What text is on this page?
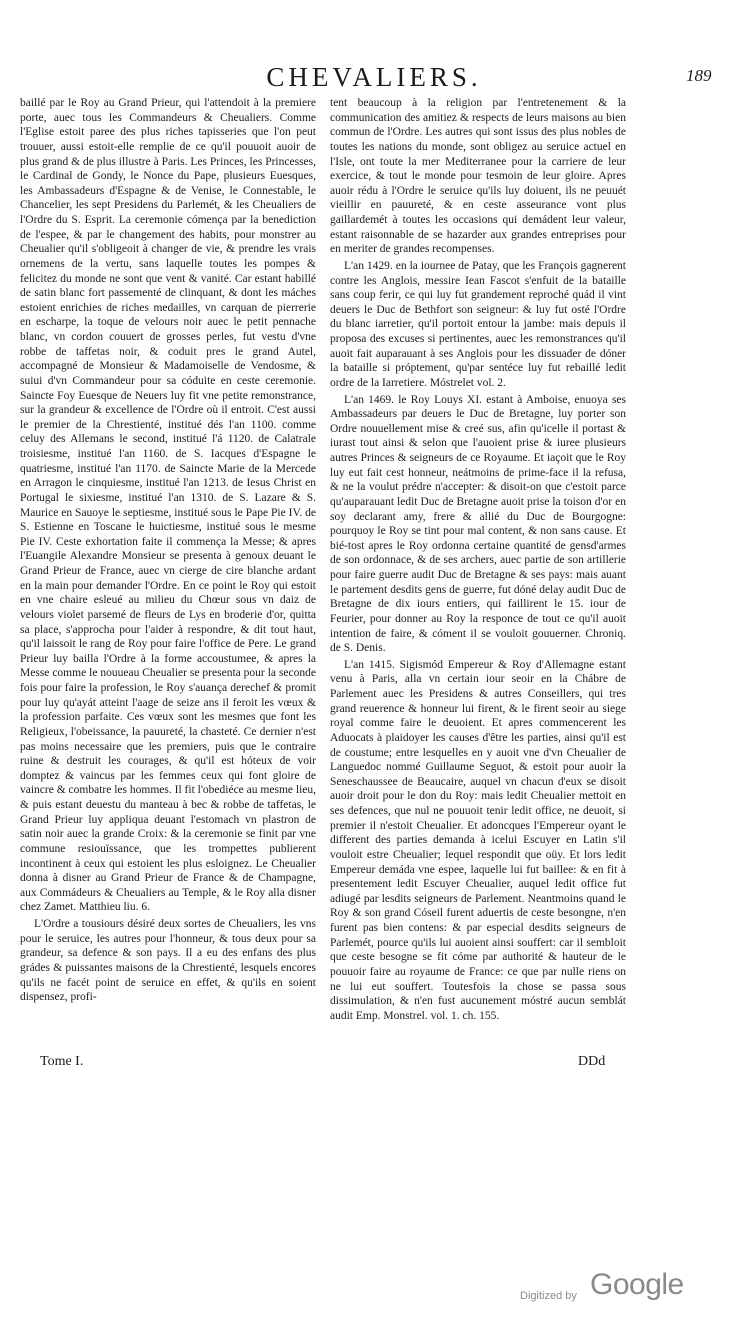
CHEVALIERS.	189

baillé par le Roy au Grand Prieur, qui l'attendoit à la premiere porte, auec tous les Commandeurs & Cheualiers. Comme l'Eglise estoit paree des plus riches tapisseries que l'on peut trouuer, aussi estoit-elle remplie de ce qu'il pouuoit auoir de plus grand & de plus illustre à Paris. Les Princes, les Princesses, le Cardinal de Gondy, le Nonce du Pape, plusieurs Euesques, les Ambassadeurs d'Espagne & de Venise, le Connestable, le Chancelier, les sept Presidens du Parlemét, & les Cheualiers de l'Ordre du S. Esprit. La ceremonie cómença par la benediction de l'espee, & par le changement des habits, pour monstrer au Cheualier qu'il s'obligeoit à changer de vie, & prendre les vrais ornemens de la vertu, sans laquelle toutes les pompes & felicitez du monde ne sont que vent & vanité. Car estant habillé de satin blanc fort passementé de clinquant, & dont les máches estoient enrichies de riches medailles, vn carquan de pierrerie en escharpe, la toque de velours noir auec le petit pennache blanc, vn cordon couuert de grosses perles, fut vestu d'vne robbe de taffetas noir, & coduit pres le grand Autel, accompagné de Monsieur & Madamoiselle de Vendosme, & suiui d'vn Commandeur pour sa códuite en ceste ceremonie. Saincte Foy Euesque de Neuers luy fit vne petite remonstrance, sur la grandeur & excellence de l'Ordre où il entroit. C'est aussi le premier de la Chrestienté, institué dés l'an 1100. comme celuy des Allemans le second, institué l'á 1120. de Calatrale troisiesme, institué l'an 1160. de S. Iacques d'Espagne le quatriesme, institué l'an 1170. de Saincte Marie de la Mercede en Arragon le cinquiesme, institué l'an 1213. de Iesus Christ en Portugal le sixiesme, institué l'an 1310. de S. Lazare & S. Maurice en Sauoye le septiesme, institué sous le Pape Pie IV. de S. Estienne en Toscane le huictiesme, institué sous le mesme Pie IV. Ceste exhortation faite il commença la Messe; & apres l'Euangile Alexandre Monsieur se presenta à genoux deuant le Grand Prieur de France, auec vn cierge de cire blanche ardant en la main pour demander l'Ordre. En ce point le Roy qui estoit en vne chaire esleué au milieu du Chœur sous vn daiz de velours violet parsemé de fleurs de Lys en broderie d'or, quitta sa place, s'approcha pour l'aider à respondre, & dit tout haut, qu'il laissoit le rang de Roy pour faire l'office de Pere. Le grand Prieur luy bailla l'Ordre à la forme accoustumee, & apres la Messe comme le nouueau Cheualier se presenta pour la seconde fois pour faire la profession, le Roy s'auança derechef & promit pour luy qu'ayát atteint l'aage de seize ans il feroit les vœux & la profession parfaite. Ces vœux sont les mesmes que font les Religieux, l'obeissance, la pauureté, la chasteté. Ce dernier n'est pas moins necessaire que les premiers, puis que le contraire ruine & destruit les courages, & qu'il est hóteux de voir domptez & vaincus par les femmes ceux qui font gloire de vaincre & combatre les hommes. Il fit l'obediéce au mesme lieu, & puis estant deuestu du manteau à bec & robbe de taffetas, le Grand Prieur luy appliqua deuant l'estomach vn plastron de satin noir auec la grande Croix: & la ceremonie se finit par vne commune resiouïssance, que les trompettes publierent incontinent à ceux qui estoient les plus esloignez. Le Cheualier donna à disner au Grand Prieur de France & de Champagne, aux Commádeurs & Cheualiers au Temple, & le Roy alla disner chez Zamet. Matthieu liu. 6.

L'Ordre a tousiours désiré deux sortes de Cheualiers, les vns pour le seruice, les autres pour l'honneur, & tous deux pour sa grandeur, sa defence & son pays. Il a eu des enfans des plus grádes & puissantes maisons de la Chrestienté, lesquels encores qu'ils ne facét point de seruice en effet, & qu'ils en soient dispensez, profi-

tent beaucoup à la religion par l'entretenement & la communication des amitiez & respects de leurs maisons au bien commun de l'Ordre. Les autres qui sont issus des plus nobles de toutes les nations du monde, sont obligez au seruice actuel en l'Isle, ont toute la mer Mediterranee pour la carriere de leur exercice, & tout le monde pour tesmoin de leur gloire. Apres auoir rédu à l'Ordre le seruice qu'ils luy doiuent, ils ne peuuét vieillir en pauureté, & en ceste asseurance vont plus gaillardemét à toutes les occasions qui demádent leur valeur, estant raisonnable de se hazarder aux grandes entreprises pour en meriter de grandes recompenses.

L'an 1429. en la iournee de Patay, que les François gagnerent contre les Anglois, messire Iean Fascot s'enfuit de la bataille sans coup ferir, ce qui luy fut grandement reproché quád il vint deuers le Duc de Bethfort son seigneur: & luy fut osté l'Ordre du blanc iarretier, qu'il portoit entour la jambe: mais depuis il proposa des excuses si pertinentes, auec les remonstrances qu'il auoit fait auparauant à ses Anglois pour les dissuader de dóner la bataille si próptement, qu'par sentéce luy fut rebaillé ledit ordre de la Iarretiere. Móstrelet vol. 2.

L'an 1469. le Roy Louys XI. estant à Amboise, enuoya ses Ambassadeurs par deuers le Duc de Bretagne, luy porter son Ordre nouuellement mise & creé sus, afin qu'icelle il portast & iurast tout ainsi & selon que l'auoient prise & iuree plusieurs autres Princes & seigneurs de ce Royaume. Et iaçoit que le Roy luy eut fait cest honneur, neátmoins de prime-face il la refusa, & ne la voulut prédre n'accepter: & disoit-on que c'estoit parce qu'auparauant ledit Duc de Bretagne auoit prise la toison d'or en soy declarant amy, frere & allié du Duc de Bourgogne: pourquoy le Roy se tint pour mal content, & non sans cause. Et bié-tost apres le Roy ordonna certaine quantité de gensd'armes de son ordonnace, & de ses archers, auec partie de son artillerie pour faire guerre audit Duc de Bretagne & ses pays: mais auant le partement desdits gens de guerre, fut dóné delay audit Duc de Bretagne de dix iours entiers, qui faillirent le 15. iour de Feurier, pour donner au Roy la responce de tout ce qu'il auoit intention de faire, & cóment il se vouloit gouuerner. Chroniq. de S. Denis.

L'an 1415. Sigismód Empereur & Roy d'Allemagne estant venu à Paris, alla vn certain iour seoir en la Chábre de Parlement auec les Presidens & autres Conseillers, qui tres grand reuerence & honneur lui firent, & le firent seoir au siege royal comme faire le deuoient. Et apres commencerent les Aduocats à plaidoyer les causes d'être les parties, ainsi qu'il est de coustume; entre lesquelles en y auoit vne d'vn Cheualier de Languedoc nommé Guillaume Seguot, & estoit pour auoir la Seneschaussee de Beaucaire, auquel vn chacun d'eux se disoit auoir droit pour le don du Roy: mais ledit Cheualier mettoit en ses defences, que nul ne pouuoit tenir ledit office, ne deuoit, si premier il n'estoit Cheualier. Et adoncques l'Empereur oyant le different des parties demanda à icelui Escuyer en Latin s'il vouloit estre Cheualier; lequel respondit que oüy. Et lors ledit Empereur demáda vne espee, laquelle lui fut baillee: & en fit à presentement ledit Escuyer Cheualier, auquel ledit office fut adiugé par lesdits seigneurs de Parlement. Neantmoins quand le Roy & son grand Cóseil furent aduertis de ceste besongne, n'en furent pas bien contens: & par especial desdits seigneurs de Parlemét, pource qu'ils lui auoient ainsi souffert: car il sembloit que ceste besogne se fit cóme par authorité & hauteur de le pouuoir faire au royaume de France: ce que par nulle riens on ne lui eut souffert. Toutesfois la chose se passa sous dissimulation, & n'en fust aucunement móstré aucun semblát audit Emp. Monstrel. vol. 1. ch. 155.

Tome I.	DDd
Digitized by Google
